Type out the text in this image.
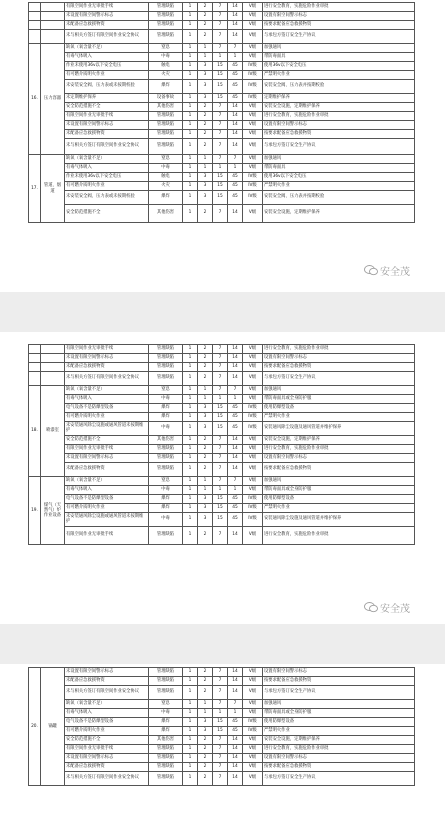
		有限空间作业无审批手续	管理缺陷	1	2	7	14	V级	进行安全教育，实施危险作业审批
		未设置有限空间警示标志	管理缺陷	1	2	7	14	V级	设置有限空间警示标志
		未配备应急救援物资	管理缺陷	1	2	7	14	V级	按要求配备应急救援物资
		未与相关方签订有限空间作业安全协议	管理缺陷	1	2	7	14	V级	与承包方签订安全生产协议
16.	压力容器	缺氧（氧含量不足）	窒息	1	1	7	7	V级	加强通风
		有毒气体吸入	中毒	1	1	1	1	V级	带防毒面具
		作业未使用36v以下安全电压	触电	1	3	15	45	IV级	使用36v以下安全电压
		有可燃介质明火作业	火灾	1	3	15	45	IV级	严禁明火作业
		未安装安全阀、压力表或未按期校验	爆炸	1	3	15	45	IV级	安装安全阀、压力表并按期校验
		未定期维护保养	设备事故	1	3	15	45	IV级	定期维护保养
		安全防范措施不全	其他伤害	1	2	7	14	V级	安装安全设施，定期维护保养
		有限空间作业无审批手续	管理缺陷	1	2	7	14	V级	进行安全教育，实施危险作业审批
		未设置有限空间警示标志	管理缺陷	1	2	7	14	V级	设置有限空间警示标志
		未配备应急救援物资	管理缺陷	1	2	7	14	V级	按要求配备应急救援物资
		未与相关方签订有限空间作业安全协议	管理缺陷	1	2	7	14	V级	与承包方签订安全生产协议
17.	管道、烟道	缺氧（氧含量不足）	窒息	1	1	7	7	V级	加强通风
		有毒气体吸入	中毒	1	1	1	1	V级	带防毒面具
		作业未使用36v以下安全电压	触电	1	3	15	45	IV级	使用36v以下安全电压
		有可燃介质明火作业	火灾	1	3	15	45	IV级	严禁明火作业
		未安装安全阀、压力表或未按期校验	爆炸	1	3	15	45	IV级	安装安全阀、压力表并按期校验
		安全防范措施不全	其他伤害	1	2	7	14	V级	安装安全设施，定期维护保养
安全茂
		有限空间作业无审批手续	管理缺陷	1	2	7	14	V级	进行安全教育，实施危险作业审批
		未设置有限空间警示标志	管理缺陷	1	2	7	14	V级	设置有限空间警示标志
		未配备应急救援物资	管理缺陷	1	2	7	14	V级	按要求配备应急救援物资
		未与相关方签订有限空间作业安全协议	管理缺陷	1	2	7	14	V级	与承包方签订安全生产协议
18.	喷漆室	缺氧（氧含量不足）	窒息	1	1	7	7	V级	加强通风
		有毒气体吸入	中毒	1	1	1	1	V级	带防毒面具或全身防护服
		电气设备不是防爆型设备	爆炸	1	3	15	45	IV级	使用防爆型设备
		有可燃介质明火作业	爆炸	1	3	15	45	IV级	严禁明火作业
		未安装通风除尘设施或通风管道未按期维护	中毒	1	3	15	45	IV级	安装通风除尘设施及通风管道并维护保养
		安全防范措施不全	其他伤害	1	2	7	14	V级	安装安全设施，定期维护保养
		有限空间作业无审批手续	管理缺陷	1	2	7	14	V级	进行安全教育，实施危险作业审批
		未设置有限空间警示标志	管理缺陷	1	2	7	14	V级	设置有限空间警示标志
		未配备应急救援物资	管理缺陷	1	2	7	14	V级	按要求配备应急救援物资
19.	煤气（天然气）炉作业设备	缺氧（氧含量不足）	窒息	1	1	7	7	V级	加强通风
		有毒气体吸入	中毒	1	1	1	1	V级	带防毒面具或全身防护服
		电气设备不是防爆型设备	爆炸	1	3	15	45	IV级	使用防爆型设备
		有可燃介质明火作业	爆炸	1	3	15	45	IV级	严禁明火作业
		未安装通风除尘设施或通风管道未按期维护	中毒	1	3	15	45	IV级	安装通风除尘设施及通风管道并维护保养
		有限空间作业无审批手续	管理缺陷	1	2	7	14	V级	进行安全教育，实施危险作业审批
安全茂
20.	锅罐	未设置有限空间警示标志	管理缺陷	1	2	7	14	V级	设置有限空间警示标志
		未配备应急救援物资	管理缺陷	1	2	7	14	V级	按要求配备应急救援物资
		未与相关方签订有限空间作业安全协议	管理缺陷	1	2	7	14	V级	与承包方签订安全生产协议
		缺氧（氧含量不足）	窒息	1	1	7	7	V级	加强通风
		有毒气体吸入	中毒	1	1	1	1	V级	带防毒面具或全身防护服
		电气设备不是防爆型设备	爆炸	1	3	15	45	IV级	使用防爆型设备
		有可燃介质明火作业	爆炸	1	3	15	45	IV级	严禁明火作业
		安全防范措施不全	其他伤害	1	2	7	14	V级	安装安全设施，定期维护保养
		有限空间作业无审批手续	管理缺陷	1	2	7	14	V级	进行安全教育，实施危险作业审批
		未设置有限空间警示标志	管理缺陷	1	2	7	14	V级	设置有限空间警示标志
		未配备应急救援物资	管理缺陷	1	2	7	14	V级	按要求配备应急救援物资
		未与相关方签订有限空间作业安全协议	管理缺陷	1	2	7	14	V级	与承包方签订安全生产协议
